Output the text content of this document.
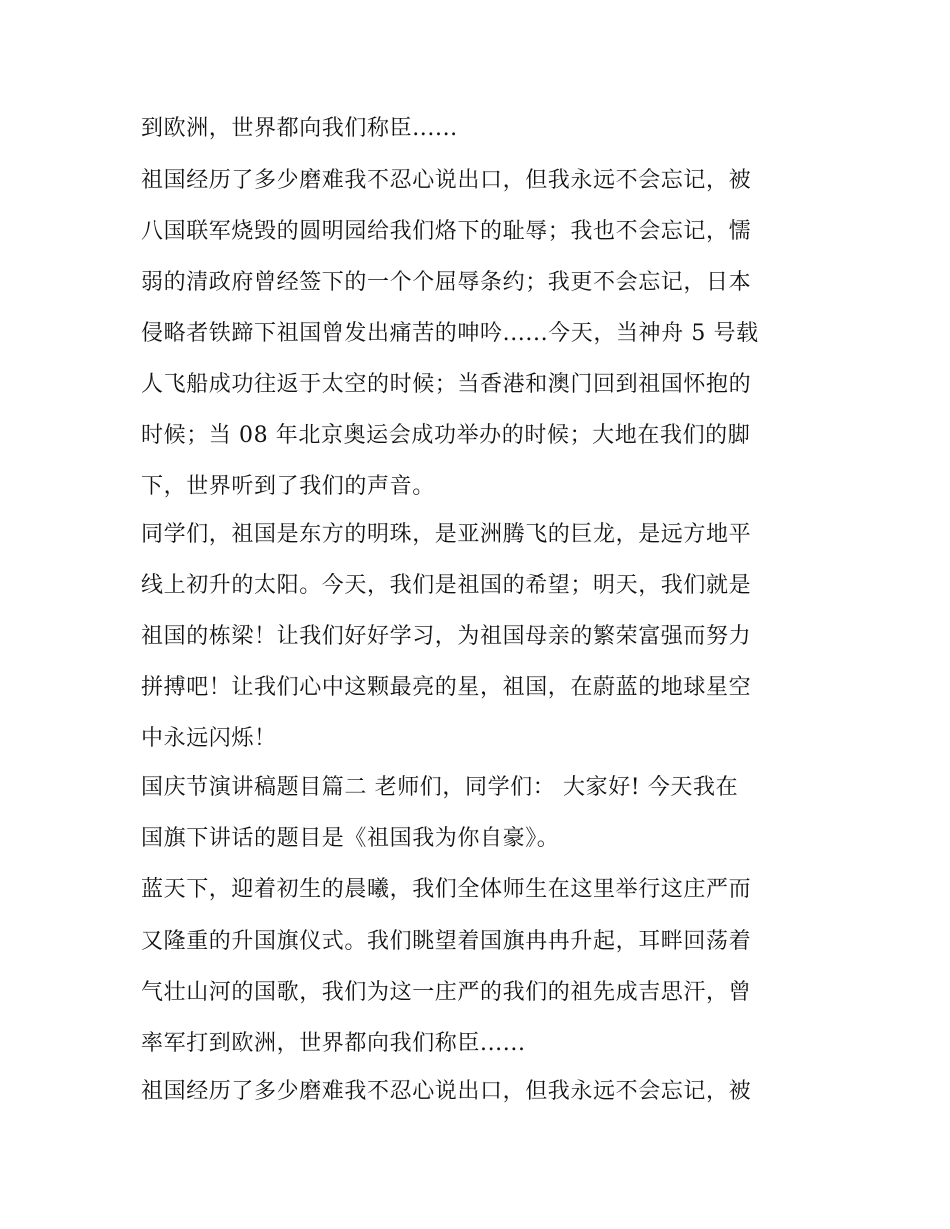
到欧洲，世界都向我们称臣......

祖国经历了多少磨难我不忍心说出口，但我永远不会忘记，被

八国联军烧毁的圆明园给我们烙下的耻辱；我也不会忘记，懦

弱的清政府曾经签下的一个个屈辱条约；我更不会忘记，日本

侵略者铁蹄下祖国曾发出痛苦的呻吟......今天，当神舟 5 号载

人飞船成功往返于太空的时候；当香港和澳门回到祖国怀抱的

时候；当 08 年北京奥运会成功举办的时候；大地在我们的脚

下，世界听到了我们的声音。

同学们，祖国是东方的明珠，是亚洲腾飞的巨龙，是远方地平

线上初升的太阳。今天，我们是祖国的希望；明天，我们就是

祖国的栋梁！让我们好好学习，为祖国母亲的繁荣富强而努力

拼搏吧！让我们心中这颗最亮的星，祖国，在蔚蓝的地球星空

中永远闪烁！

国庆节演讲稿题目篇二 老师们，同学们： 大家好! 今天我在

国旗下讲话的题目是《祖国我为你自豪》。

蓝天下，迎着初生的晨曦，我们全体师生在这里举行这庄严而

又隆重的升国旗仪式。我们眺望着国旗冉冉升起，耳畔回荡着

气壮山河的国歌，我们为这一庄严的我们的祖先成吉思汗，曾

率军打到欧洲，世界都向我们称臣......

祖国经历了多少磨难我不忍心说出口，但我永远不会忘记，被
